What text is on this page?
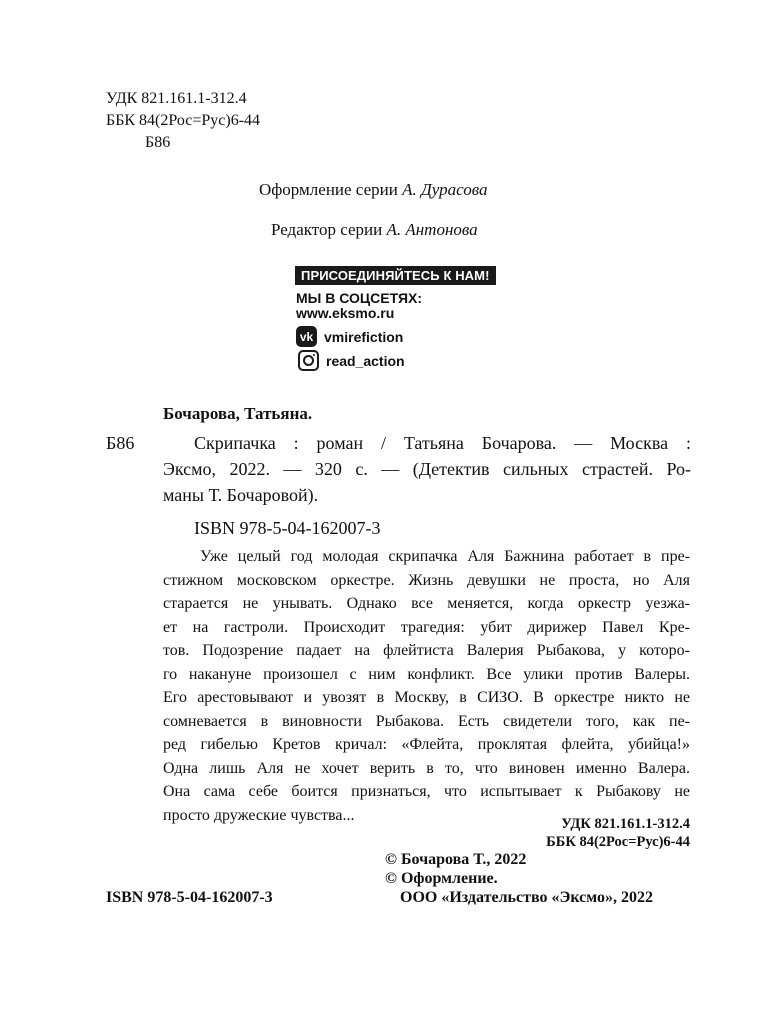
УДК 821.161.1-312.4
ББК 84(2Рос=Рус)6-44
Б86
Оформление серии А. Дурасова
Редактор серии А. Антонова
ПРИСОЕДИНЯЙТЕСЬ К НАМ!
МЫ В СОЦСЕТЯХ:
www.eksmo.ru
vk vmirefiction
read_action
Бочарова, Татьяна.
Б86	Скрипачка : роман / Татьяна Бочарова. — Москва :
Эксмо, 2022. — 320 с. — (Детектив сильных страстей. Ро-
маны Т. Бочаровой).
ISBN 978-5-04-162007-3
Уже целый год молодая скрипачка Аля Бажнина работает в пре-
стижном московском оркестре. Жизнь девушки не проста, но Аля
старается не унывать. Однако все меняется, когда оркестр уезжа-
ет на гастроли. Происходит трагедия: убит дирижер Павел Кре-
тов. Подозрение падает на флейтиста Валерия Рыбакова, у которо-
го накануне произошел с ним конфликт. Все улики против Валеры.
Его арестовывают и увозят в Москву, в СИЗО. В оркестре никто не
сомневается в виновности Рыбакова. Есть свидетели того, как пе-
ред гибелью Кретов кричал: «Флейта, проклятая флейта, убийца!»
Одна лишь Аля не хочет верить в то, что виновен именно Валера.
Она сама себе боится признаться, что испытывает к Рыбакову не
просто дружеские чувства...
УДК 821.161.1-312.4
ББК 84(2Рос=Рус)6-44
© Бочарова Т., 2022
© Оформление.
ООО «Издательство «Эксмо», 2022
ISBN 978-5-04-162007-3
